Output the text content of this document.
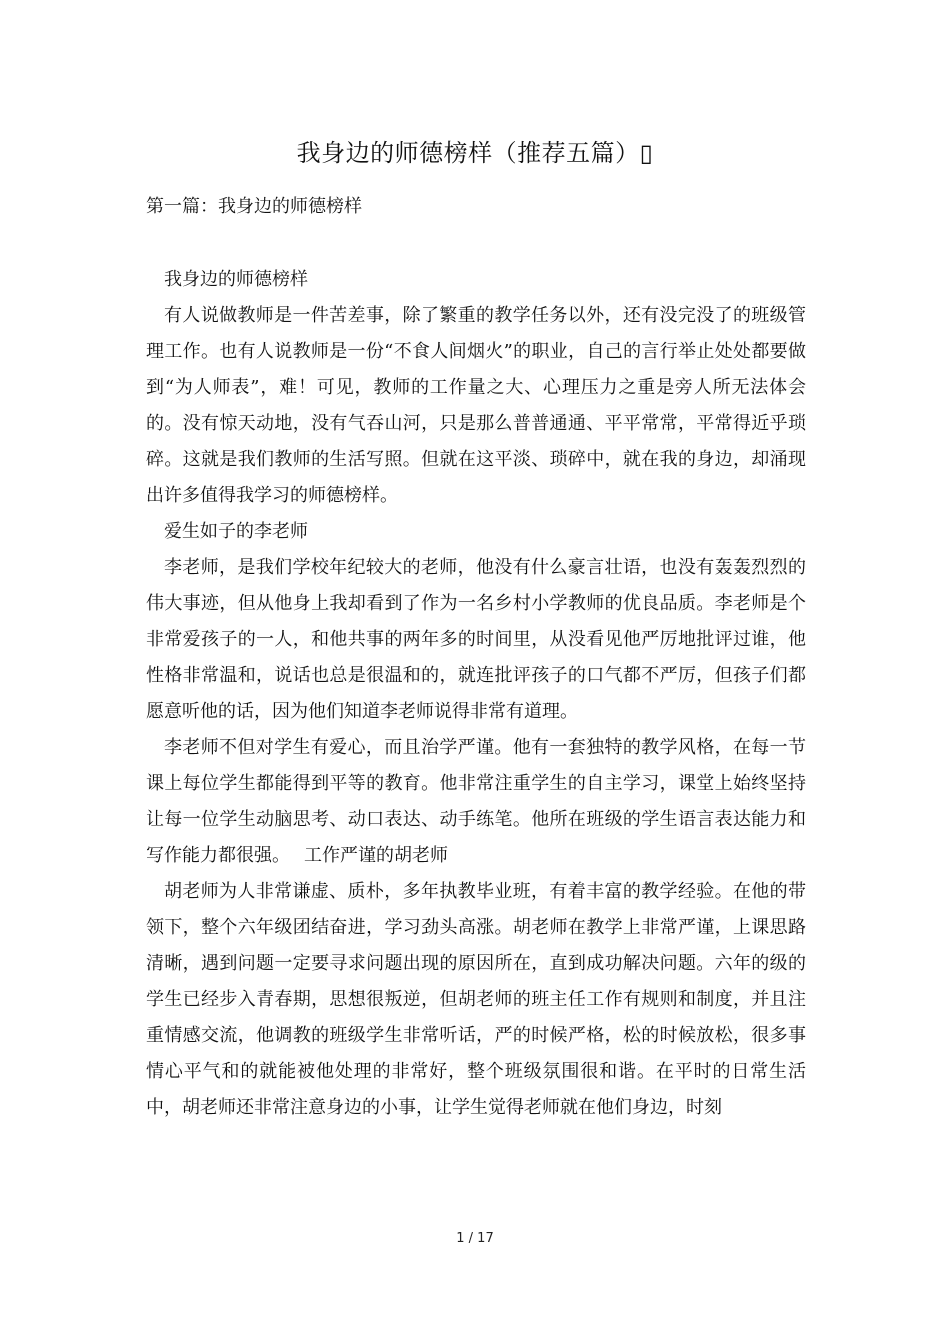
我身边的师德榜样（推荐五篇）▯
第一篇：我身边的师德榜样

我身边的师德榜样

有人说做教师是一件苦差事，除了繁重的教学任务以外，还有没完没了的班级管理工作。也有人说教师是一份“不食人间烟火”的职业，自己的言行举止处处都要做到“为人师表”，难！可见，教师的工作量之大、心理压力之重是旁人所无法体会的。没有惊天动地，没有气吞山河，只是那么普普通通、平平常常，平常得近乎琐碎。这就是我们教师的生活写照。但就在这平淡、琐碎中，就在我的身边，却涌现出许多值得我学习的师德榜样。

爱生如子的李老师

李老师，是我们学校年纪较大的老师，他没有什么豪言壮语，也没有轰轰烈烈的伟大事迹，但从他身上我却看到了作为一名乡村小学教师的优良品质。李老师是个非常爱孩子的一人，和他共事的两年多的时间里，从没看见他严厉地批评过谁，他性格非常温和，说话也总是很温和的，就连批评孩子的口气都不严厉，但孩子们都愿意听他的话，因为他们知道李老师说得非常有道理。

李老师不但对学生有爱心，而且治学严谨。他有一套独特的教学风格，在每一节课上每位学生都能得到平等的教育。他非常注重学生的自主学习，课堂上始终坚持让每一位学生动脑思考、动口表达、动手练笔。他所在班级的学生语言表达能力和写作能力都很强。 工作严谨的胡老师

胡老师为人非常谦虚、质朴，多年执教毕业班，有着丰富的教学经验。在他的带领下，整个六年级团结奋进，学习劲头高涨。胡老师在教学上非常严谨，上课思路清晰，遇到问题一定要寻求问题出现的原因所在，直到成功解决问题。六年的级的学生已经步入青春期，思想很叛逆，但胡老师的班主任工作有规则和制度，并且注重情感交流，他调教的班级学生非常听话，严的时候严格，松的时候放松，很多事情心平气和的就能被他处理的非常好，整个班级氛围很和谐。在平时的日常生活中，胡老师还非常注意身边的小事，让学生觉得老师就在他们身边，时刻

1 / 17
